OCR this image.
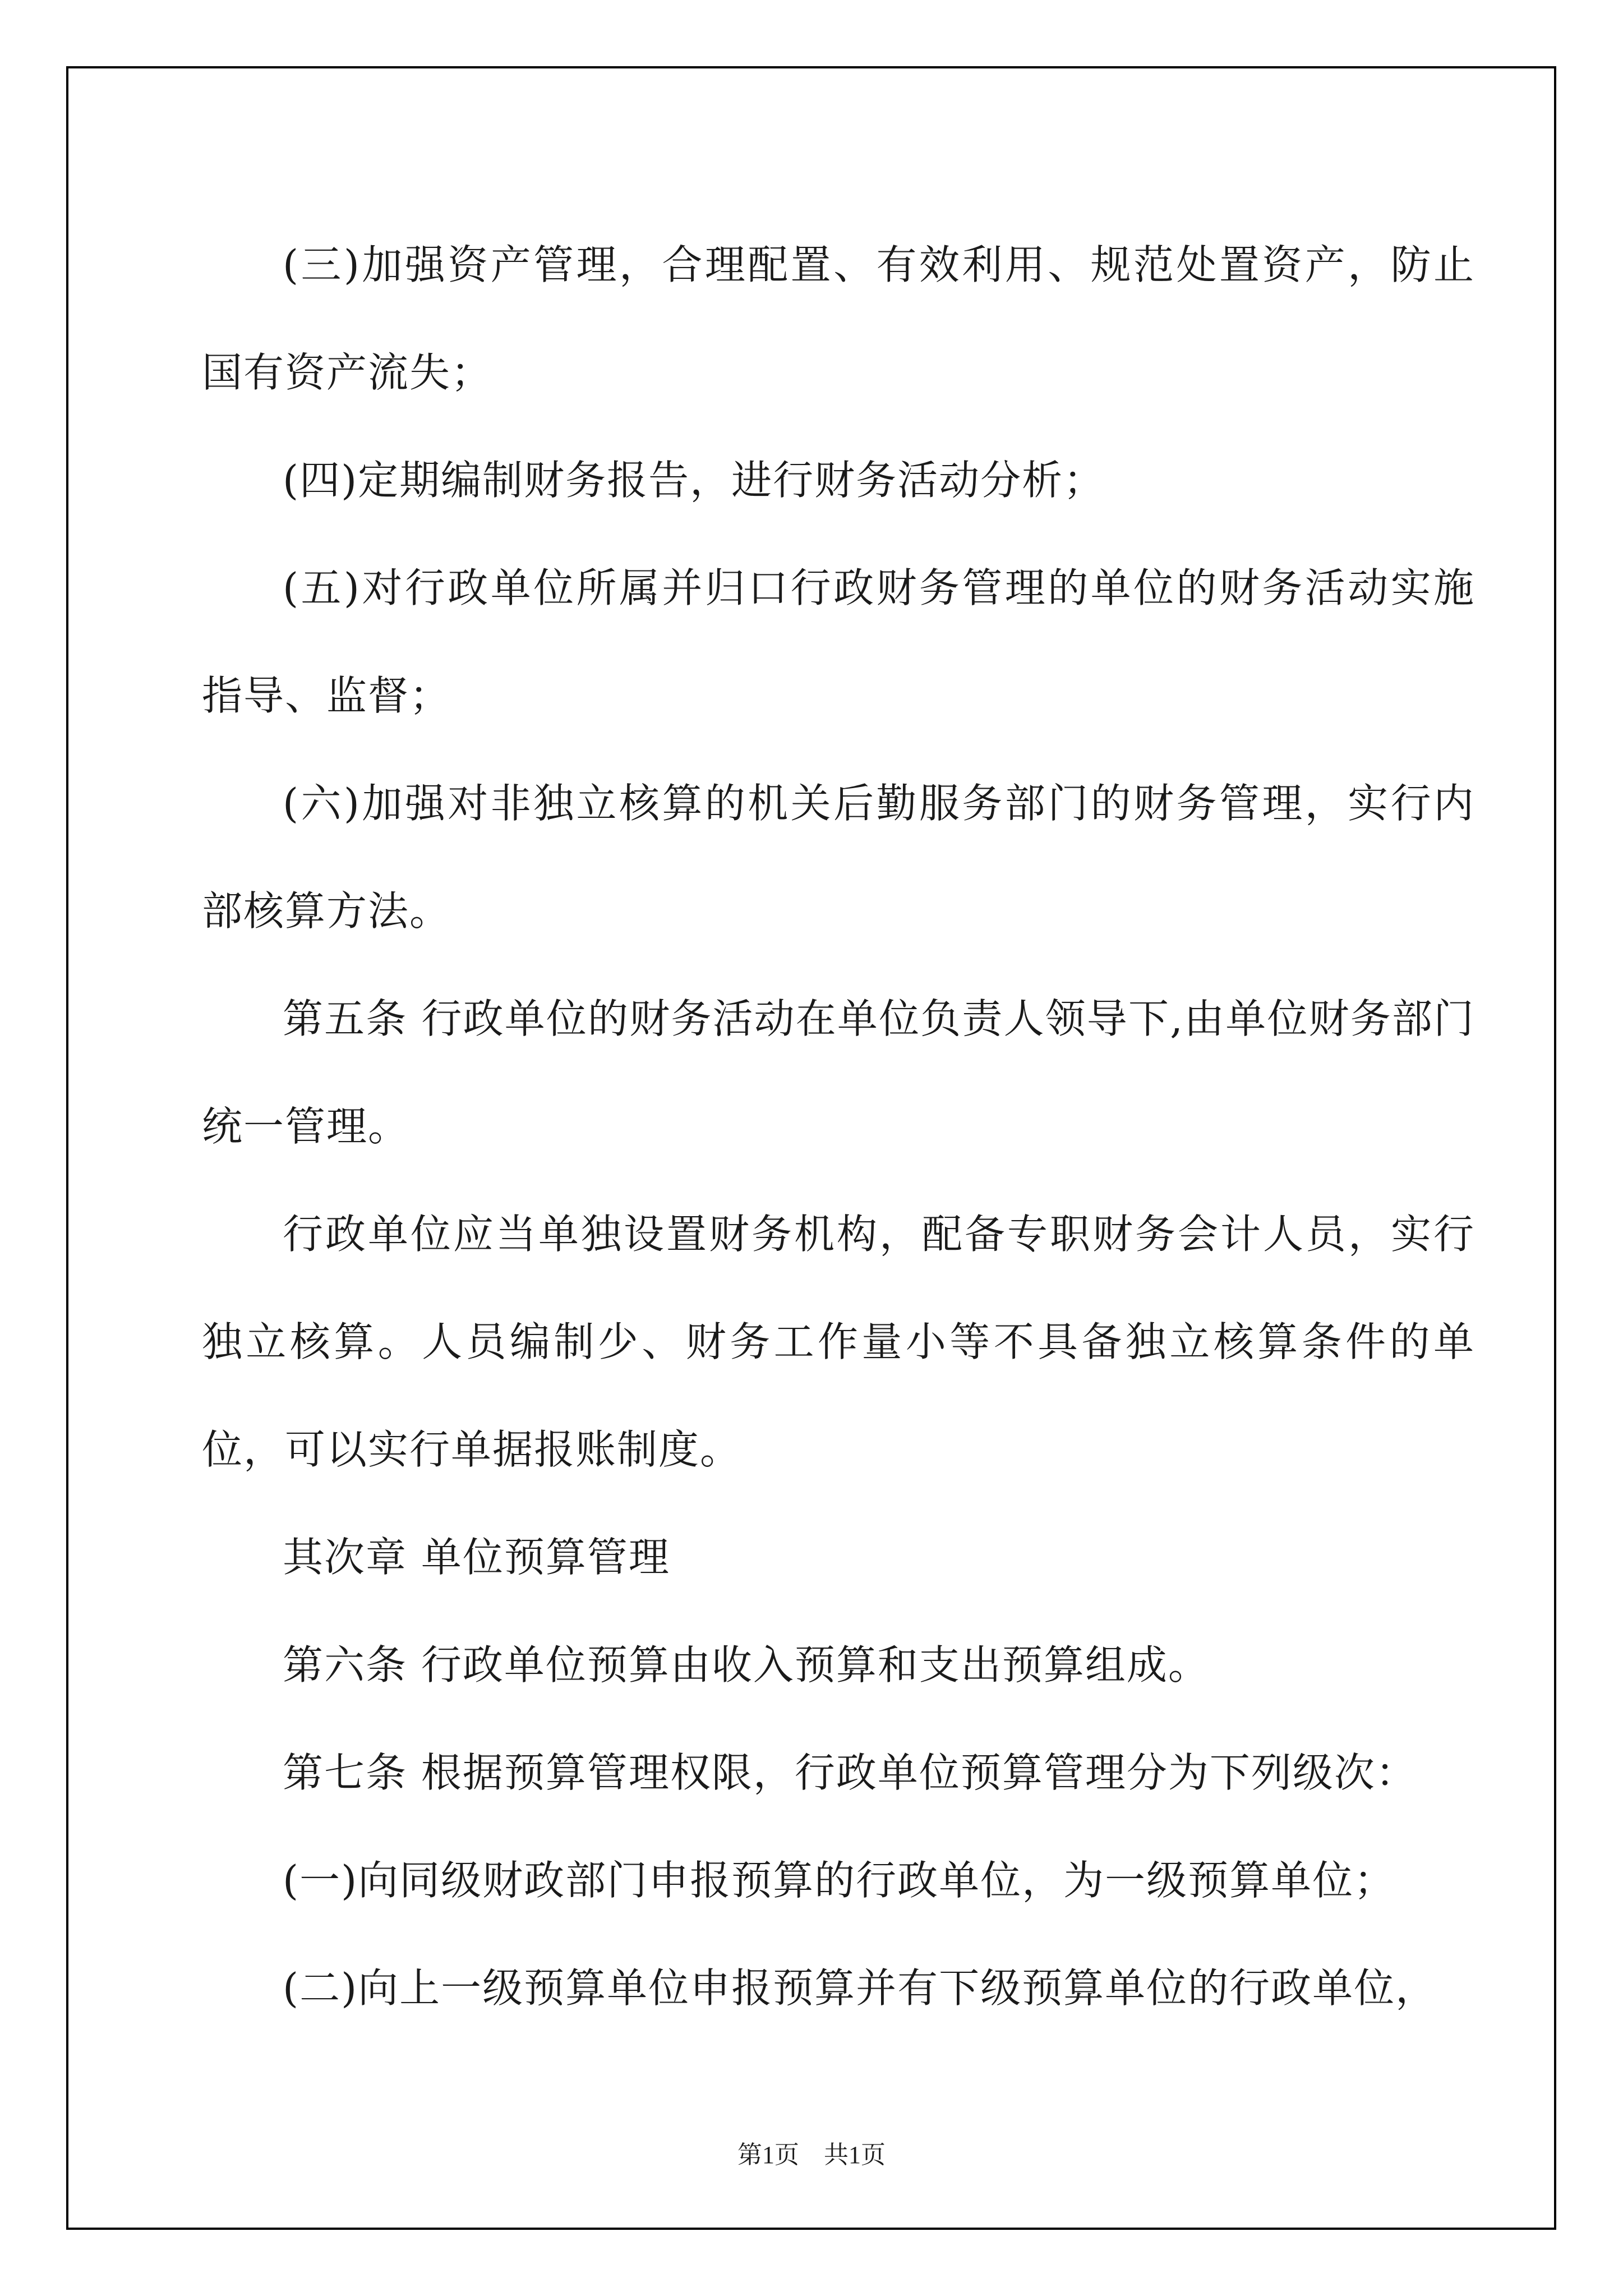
(三)加强资产管理，合理配置、有效利用、规范处置资产，防止国有资产流失；

(四)定期编制财务报告，进行财务活动分析；

(五)对行政单位所属并归口行政财务管理的单位的财务活动实施指导、监督；

(六)加强对非独立核算的机关后勤服务部门的财务管理，实行内部核算方法。

第五条 行政单位的财务活动在单位负责人领导下,由单位财务部门统一管理。

行政单位应当单独设置财务机构，配备专职财务会计人员，实行独立核算。人员编制少、财务工作量小等不具备独立核算条件的单位，可以实行单据报账制度。

其次章 单位预算管理

第六条 行政单位预算由收入预算和支出预算组成。

第七条 根据预算管理权限，行政单位预算管理分为下列级次：

(一)向同级财政部门申报预算的行政单位，为一级预算单位；

(二)向上一级预算单位申报预算并有下级预算单位的行政单位，

第1页　共1页
